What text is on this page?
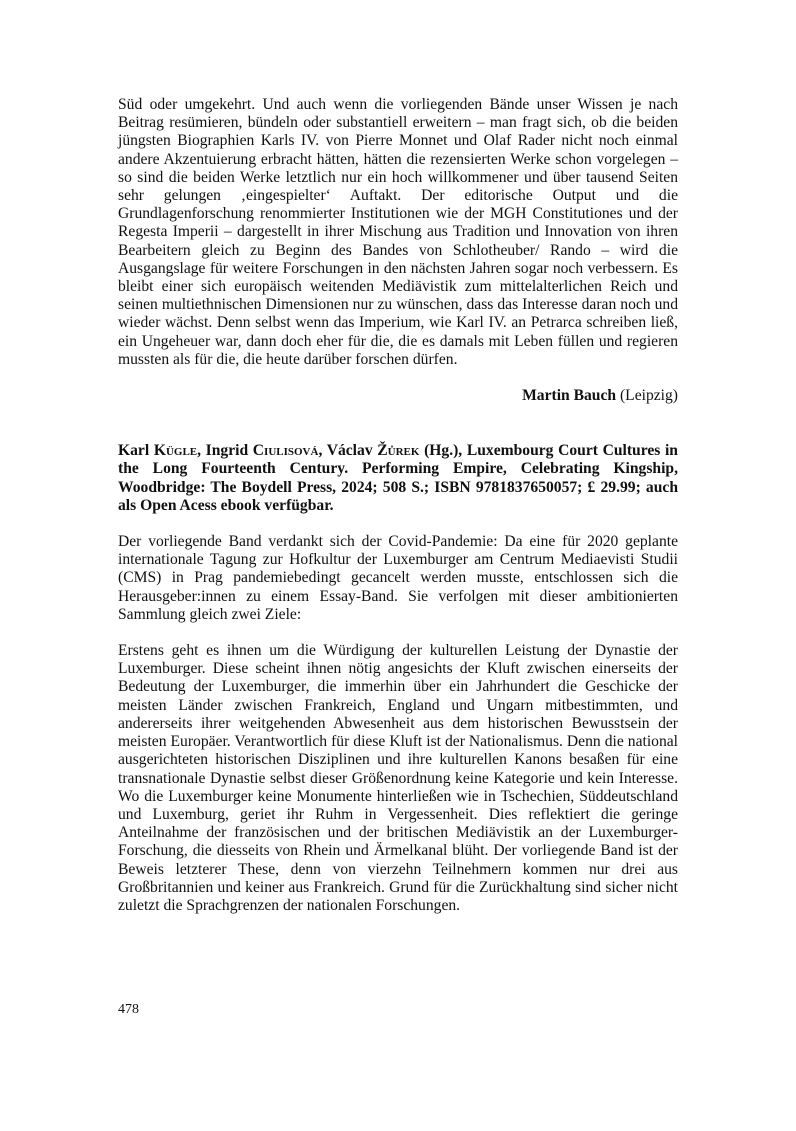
Süd oder umgekehrt. Und auch wenn die vorliegenden Bände unser Wissen je nach Beitrag resümieren, bündeln oder substantiell erweitern – man fragt sich, ob die beiden jüngsten Biographien Karls IV. von Pierre Monnet und Olaf Rader nicht noch einmal andere Akzentuierung erbracht hätten, hätten die rezensierten Werke schon vorgelegen – so sind die beiden Werke letztlich nur ein hoch willkommener und über tausend Seiten sehr gelungen ‚eingespielter‘ Auftakt. Der editorische Output und die Grundlagenforschung renommierter Institutionen wie der MGH Constitutiones und der Regesta Imperii – dargestellt in ihrer Mischung aus Tradition und Innovation von ihren Bearbeitern gleich zu Beginn des Bandes von Schlotheuber/ Rando – wird die Ausgangslage für weitere Forschungen in den nächsten Jahren sogar noch verbessern. Es bleibt einer sich europäisch weitenden Mediävistik zum mittelalterlichen Reich und seinen multiethnischen Dimensionen nur zu wünschen, dass das Interesse daran noch und wieder wächst. Denn selbst wenn das Imperium, wie Karl IV. an Petrarca schreiben ließ, ein Ungeheuer war, dann doch eher für die, die es damals mit Leben füllen und regieren mussten als für die, die heute darüber forschen dürfen.

Martin Bauch (Leipzig)
Karl Kügle, Ingrid Ciulisová, Václav Žůrek (Hg.), Luxembourg Court Cultures in the Long Fourteenth Century. Performing Empire, Celebrating Kingship, Woodbridge: The Boydell Press, 2024; 508 S.; ISBN 9781837650057; £ 29.99; auch als Open Acess ebook verfügbar.

Der vorliegende Band verdankt sich der Covid-Pandemie: Da eine für 2020 geplante internationale Tagung zur Hofkultur der Luxemburger am Centrum Mediaevisti Studii (CMS) in Prag pandemiebedingt gecancelt werden musste, entschlossen sich die Herausgeber:innen zu einem Essay-Band. Sie verfolgen mit dieser ambitionierten Sammlung gleich zwei Ziele:

Erstens geht es ihnen um die Würdigung der kulturellen Leistung der Dynastie der Luxemburger. Diese scheint ihnen nötig angesichts der Kluft zwischen einerseits der Bedeutung der Luxemburger, die immerhin über ein Jahrhundert die Geschicke der meisten Länder zwischen Frankreich, England und Ungarn mitbestimmten, und andererseits ihrer weitgehenden Abwesenheit aus dem historischen Bewusstsein der meisten Europäer. Verantwortlich für diese Kluft ist der Nationalismus. Denn die national ausgerichteten historischen Disziplinen und ihre kulturellen Kanons besaßen für eine transnationale Dynastie selbst dieser Größenordnung keine Kategorie und kein Interesse. Wo die Luxemburger keine Monumente hinterließen wie in Tschechien, Süddeutschland und Luxemburg, geriet ihr Ruhm in Vergessenheit. Dies reflektiert die geringe Anteilnahme der französischen und der britischen Mediävistik an der Luxemburger-Forschung, die diesseits von Rhein und Ärmelkanal blüht. Der vorliegende Band ist der Beweis letzterer These, denn von vierzehn Teilnehmern kommen nur drei aus Großbritannien und keiner aus Frankreich. Grund für die Zurückhaltung sind sicher nicht zuletzt die Sprachgrenzen der nationalen Forschungen.

478
